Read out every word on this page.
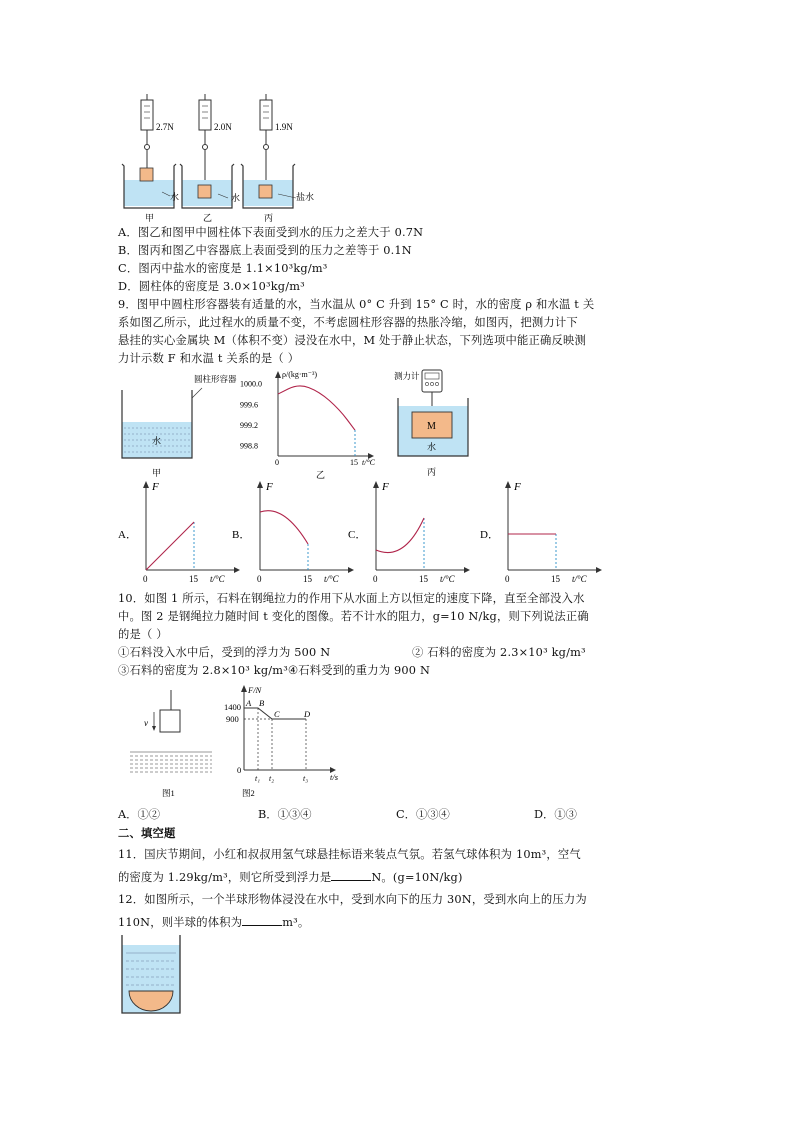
2.7N	2.0N	1.9N
水	水	盐水
甲	乙	丙
A．图乙和图甲中圆柱体下表面受到水的压力之差大于 0.7N
B．图丙和图乙中容器底上表面受到的压力之差等于 0.1N
C．图丙中盐水的密度是 1.1×10³kg/m³
D．圆柱体的密度是 3.0×10³kg/m³
9．图甲中圆柱形容器装有适量的水，当水温从 0° C 升到 15° C 时，水的密度 ρ 和水温 t 关
系如图乙所示，此过程水的质量不变，不考虑圆柱形容器的热胀冷缩，如图丙，把测力计下
悬挂的实心金属块 M（体积不变）浸没在水中，M 处于静止状态，下列选项中能正确反映测
力计示数 F 和水温 t 关系的是（ ）
圆柱形容器
水
甲
ρ/(kg·m⁻³)
1000.0
999.6
999.2
998.8
0	15 t/°C
乙
测力计
M
水
丙
A．
F
0	15 t/°C
B．
F
0	15 t/°C
C．
F
0	15 t/°C
D．
F
0	15 t/°C
10．如图 1 所示，石料在钢绳拉力的作用下从水面上方以恒定的速度下降，直至全部没入水
中。图 2 是钢绳拉力随时间 t 变化的图像。若不计水的阻力，g=10 N/kg，则下列说法正确
的是（ ）
①石料没入水中后，受到的浮力为 500 N	② 石料的密度为 2.3×10³ kg/m³
③石料的密度为 2.8×10³ kg/m³④石料受到的重力为 900 N
v
图1
F/N
1400
900
0
A B
C	D
t₁ t₂	t₃	t/s
图2
A．①②	B．①③④	C．①③④	D．①③
二、填空题
11．国庆节期间，小红和叔叔用氢气球悬挂标语来装点气氛。若氢气球体积为 10m³，空气
的密度为 1.29kg/m³，则它所受到浮力是	N。(g=10N/kg)
12．如图所示，一个半球形物体浸没在水中，受到水向下的压力 30N，受到水向上的压力为
110N，则半球的体积为	m³。
